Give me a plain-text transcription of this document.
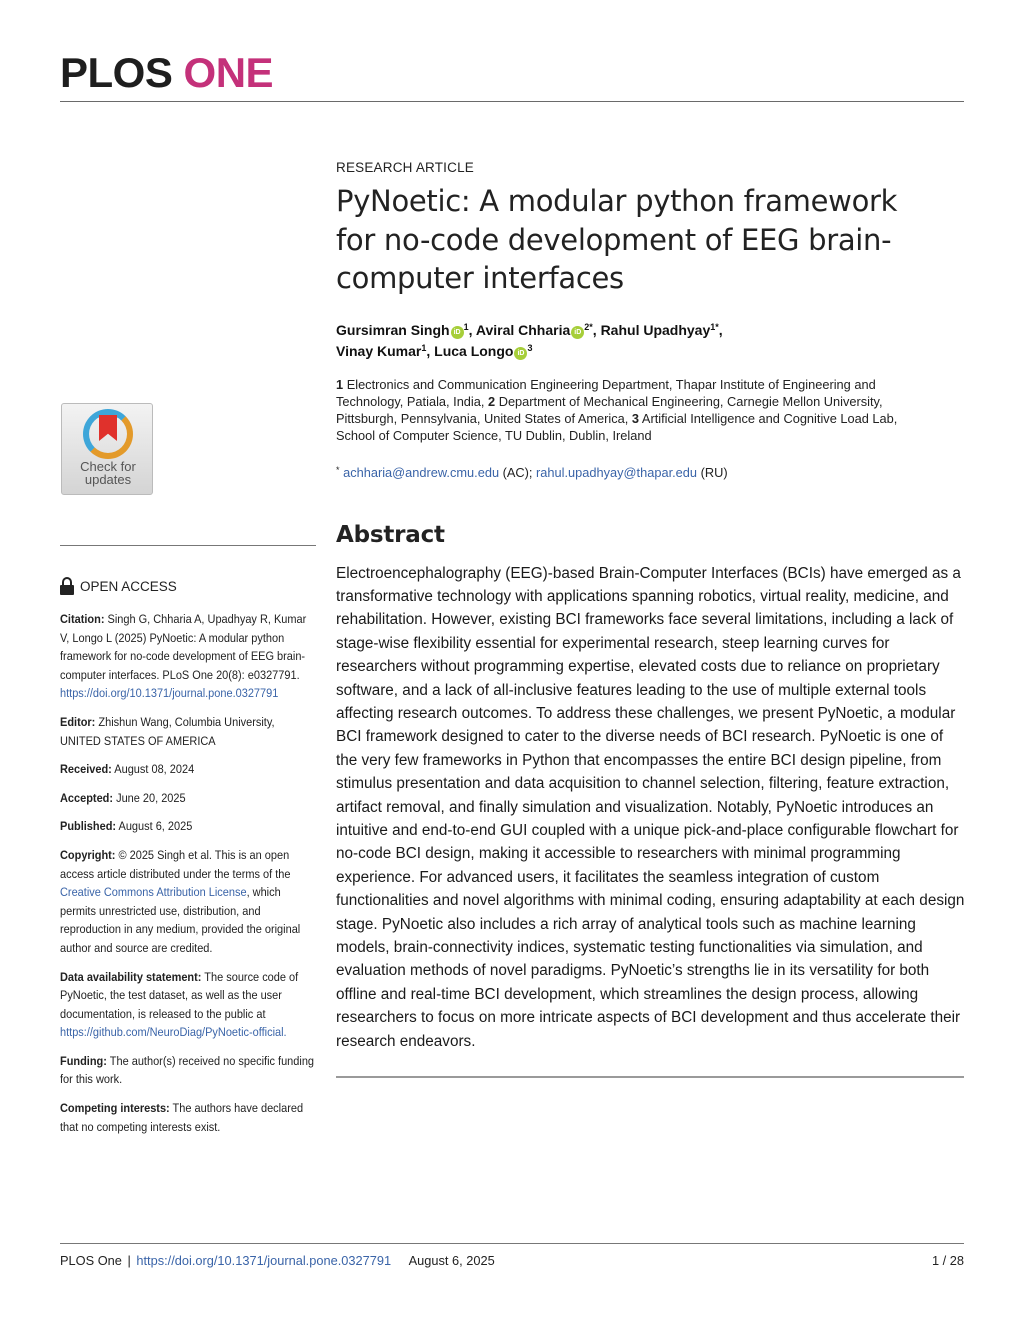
PLOS ONE
RESEARCH ARTICLE
PyNoetic: A modular python framework for no-code development of EEG brain-computer interfaces
Gursimran Singh $iD^1$, Aviral Chharia $iD^{2*}$, Rahul Upadhyay$^{1*}$,
Vinay Kumar$^1$, Luca Longo $iD^3$
1 Electronics and Communication Engineering Department, Thapar Institute of Engineering and Technology, Patiala, India, 2 Department of Mechanical Engineering, Carnegie Mellon University, Pittsburgh, Pennsylvania, United States of America, 3 Artificial Intelligence and Cognitive Load Lab, School of Computer Science, TU Dublin, Dublin, Ireland
* achharia@andrew.cmu.edu (AC); rahul.upadhyay@thapar.edu (RU)
Abstract

Electroencephalography (EEG)-based Brain-Computer Interfaces (BCIs) have emerged as a transformative technology with applications spanning robotics, virtual reality, medicine, and rehabilitation. However, existing BCI frameworks face several limitations, including a lack of stage-wise flexibility essential for experimental research, steep learning curves for researchers without programming expertise, elevated costs due to reliance on proprietary software, and a lack of all-inclusive features leading to the use of multiple external tools affecting research outcomes. To address these challenges, we present PyNoetic, a modular BCI framework designed to cater to the diverse needs of BCI research. PyNoetic is one of the very few frameworks in Python that encompasses the entire BCI design pipeline, from stimulus presentation and data acquisition to channel selection, filtering, feature extraction, artifact removal, and finally simulation and visualization. Notably, PyNoetic introduces an intuitive and end-to-end GUI coupled with a unique pick-and-place configurable flowchart for no-code BCI design, making it accessible to researchers with minimal programming experience. For advanced users, it facilitates the seamless integration of custom functionalities and novel algorithms with minimal coding, ensuring adaptability at each design stage. PyNoetic also includes a rich array of analytical tools such as machine learning models, brain-connectivity indices, systematic testing functionalities via simulation, and evaluation methods of novel paradigms. PyNoetic’s strengths lie in its versatility for both offline and real-time BCI development, which streamlines the design process, allowing researchers to focus on more intricate aspects of BCI development and thus accelerate their research endeavors.

Check for
updates
OPEN ACCESS

Citation: Singh G, Chharia A, Upadhyay R, Kumar V, Longo L (2025) PyNoetic: A modular python framework for no-code development of EEG brain-computer interfaces. PLoS One 20(8): e0327791. https://doi.org/10.1371/journal.pone.0327791

Editor: Zhishun Wang, Columbia University, UNITED STATES OF AMERICA

Received: August 08, 2024

Accepted: June 20, 2025

Published: August 6, 2025

Copyright: © 2025 Singh et al. This is an open access article distributed under the terms of the Creative Commons Attribution License, which permits unrestricted use, distribution, and reproduction in any medium, provided the original author and source are credited.

Data availability statement: The source code of PyNoetic, the test dataset, as well as the user documentation, is released to the public at https://github.com/NeuroDiag/PyNoetic-official.

Funding: The author(s) received no specific funding for this work.

Competing interests: The authors have declared that no competing interests exist.

PLOS One | https://doi.org/10.1371/journal.pone.0327791 August 6, 2025	1 / 28
